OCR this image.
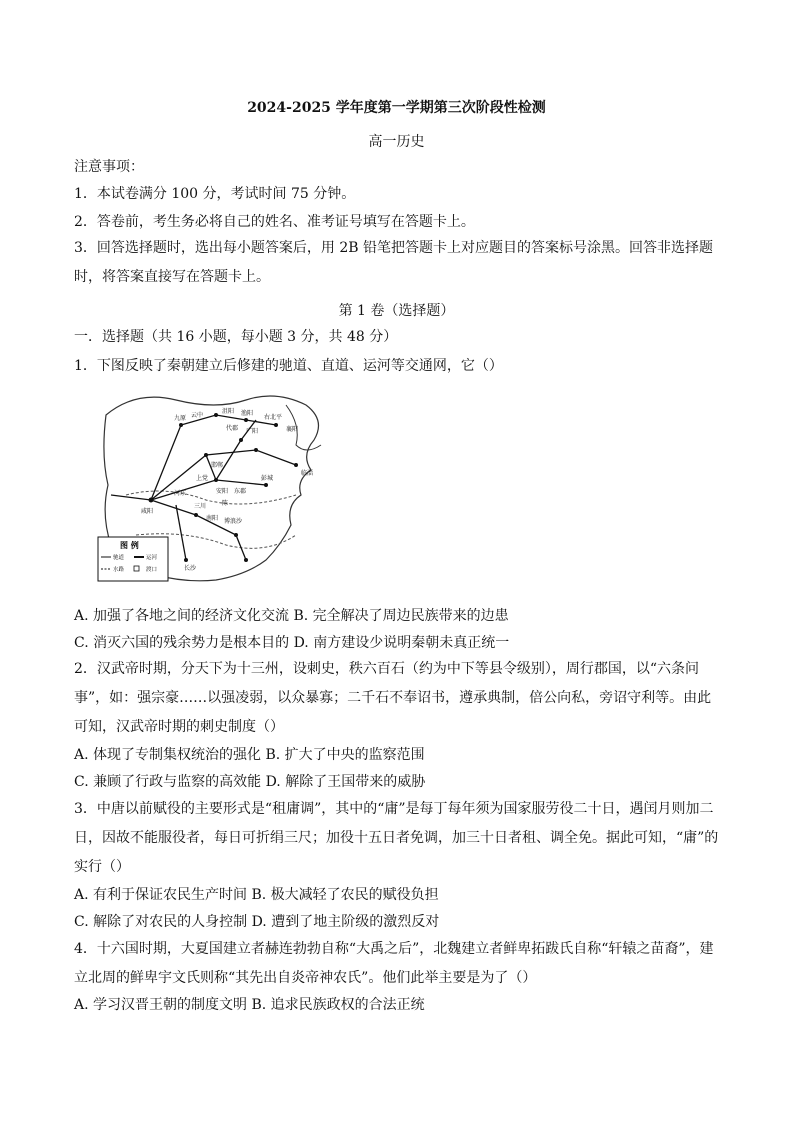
2024-2025 学年度第一学期第三次阶段性检测
高一历史
注意事项：
1．本试卷满分 100 分，考试时间 75 分钟。
2．答卷前，考生务必将自己的姓名、准考证号填写在答题卡上。
3．回答选择题时，选出每小题答案后，用 2B 铅笔把答题卡上对应题目的答案标号涂黑。回答非选择题时，将答案直接写在答题卡上。
第 1 卷（选择题）
一．选择题（共 16 小题，每小题 3 分，共 48 分）
1．下图反映了秦朝建立后修建的驰道、直道、运河等交通网，它（）
九原 云中
沮阳 渔阳
右北平
襄阳
代郡 广阳
邯郸
上党
河东
临淄
彭城
咸阳
三川	陈
东郡
安阳
南阳
长沙
博浪沙
图 例
驰道	运河
水路	渡口
A. 加强了各地之间的经济文化交流 B. 完全解决了周边民族带来的边患
C. 消灭六国的残余势力是根本目的 D. 南方建设少说明秦朝未真正统一
2．汉武帝时期，分天下为十三州，设刺史，秩六百石（约为中下等县令级别），周行郡国，以“六条问事”，如：强宗豪……以强凌弱，以众暴寡；二千石不奉诏书，遵承典制，倍公向私，旁诏守利等。由此可知，汉武帝时期的刺史制度（）
A. 体现了专制集权统治的强化 B. 扩大了中央的监察范围
C. 兼顾了行政与监察的高效能 D. 解除了王国带来的威胁
3．中唐以前赋役的主要形式是“租庸调”，其中的“庸”是每丁每年须为国家服劳役二十日，遇闰月则加二日，因故不能服役者，每日可折绢三尺；加役十五日者免调，加三十日者租、调全免。据此可知，“庸”的实行（）
A. 有利于保证农民生产时间 B. 极大减轻了农民的赋役负担
C. 解除了对农民的人身控制 D. 遭到了地主阶级的激烈反对
4．十六国时期，大夏国建立者赫连勃勃自称“大禹之后”，北魏建立者鲜卑拓跋氏自称“轩辕之苗裔”，建立北周的鲜卑宇文氏则称“其先出自炎帝神农氏”。他们此举主要是为了（）
A. 学习汉晋王朝的制度文明 B. 追求民族政权的合法正统
